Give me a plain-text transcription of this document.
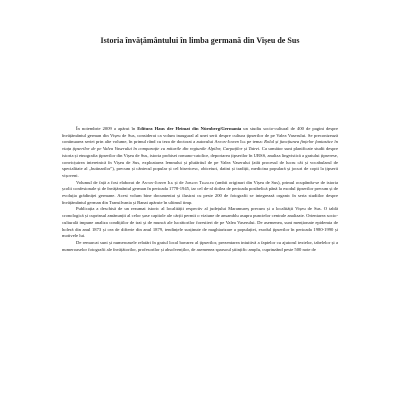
Istoria învățământului în limba germană din Vișeu de Sus

În noiembrie 2009 a apărut în Editura Haus der Heimat din Nürnberg/Germania un studiu socio-cultural de 400 de pagini despre învățământul german din Vișeu de Sus, considerat ca volum inaugural al unei serii despre cultura țipserilor de pe Valea Vaserului. Se preconizează continuarea seriei prin alte volume, în primul rând cu teza de doctorat a autorului Anton-Joseph Ilk pe tema: Rolul și funcțiunea fințelor fantastice în viața țipserilor de pe Valea Vaserului în comparație cu miturile din regiunile Alpilor, Carpaților și Tatrei. Ca următor sunt planificate studii despre istoria și etnografia țipserilor din Vișeu de Sus, istoria probisei romano-catolice, deportarea țipserilor în URSS, analiza lingvistică a graiului țipserese, convicțuirea interetnică în Vișeu de Sus, exploatarea lemnului și plutăritul de pe Valea Vaserului (atât procesul de lucru cât și vocabularul de specialitate al „butinarilor"), precum și cântecul popular și cel bisericesc, obiceiuri, datini și tradiții, medicina populară și jocuri de copii la țipserii vișoveni.

Volumul de față a fost elaborat de Anton-Joseph Ilk și de Johann Traxler (ambii originari din Vișeu de Sus), primul ocupându-se de istoria școlii confesionale și de învățământul german în perioada 1778-1945, iar cel de-al doilea de perioada postbelică până la exodul țipserilor precum și de evoluția grădiniței germane. Acest volum bine documentat și ilustrat cu peste 200 de fotografii se integrează organic în seria studiilor despre învățământul german din Transilvania și Banat apărute în ultimul timp.

Publicația a deschisă de un rezumat istoric al localității respectiv al județului Maramureș precum și a localității Vișeu de Sus. O tablă cronologică și cuprinsul amănunțit al celor șase capitole ale cărții permit o viziune de ansamblu asupra punctelor centrale analizate. Orientarea socio-culturală impune analiza condițiilor de trai și de muncă ale lucrătorilor forestieri de pe Valea Vaserului. De asemenea, sunt menționate epidemia de holeră din anul 1873 și cea de difterie din anul 1879, tendințele susținute de maghiarizare a populației, exodul țipserilor în perioada 1980-1990 și motivele lui.

De remarcat sunt și numeroasele relatări în graiul local bavarez al țipserilor, prezentarea intuitivă a faptelor cu ajutorul textelor, tabelelor și a numeroaselor fotografii ale învățătorilor, profesorilor și absolvenților, de asemenea sparsoul științific amplu, cuprinzând peste 500 note de
